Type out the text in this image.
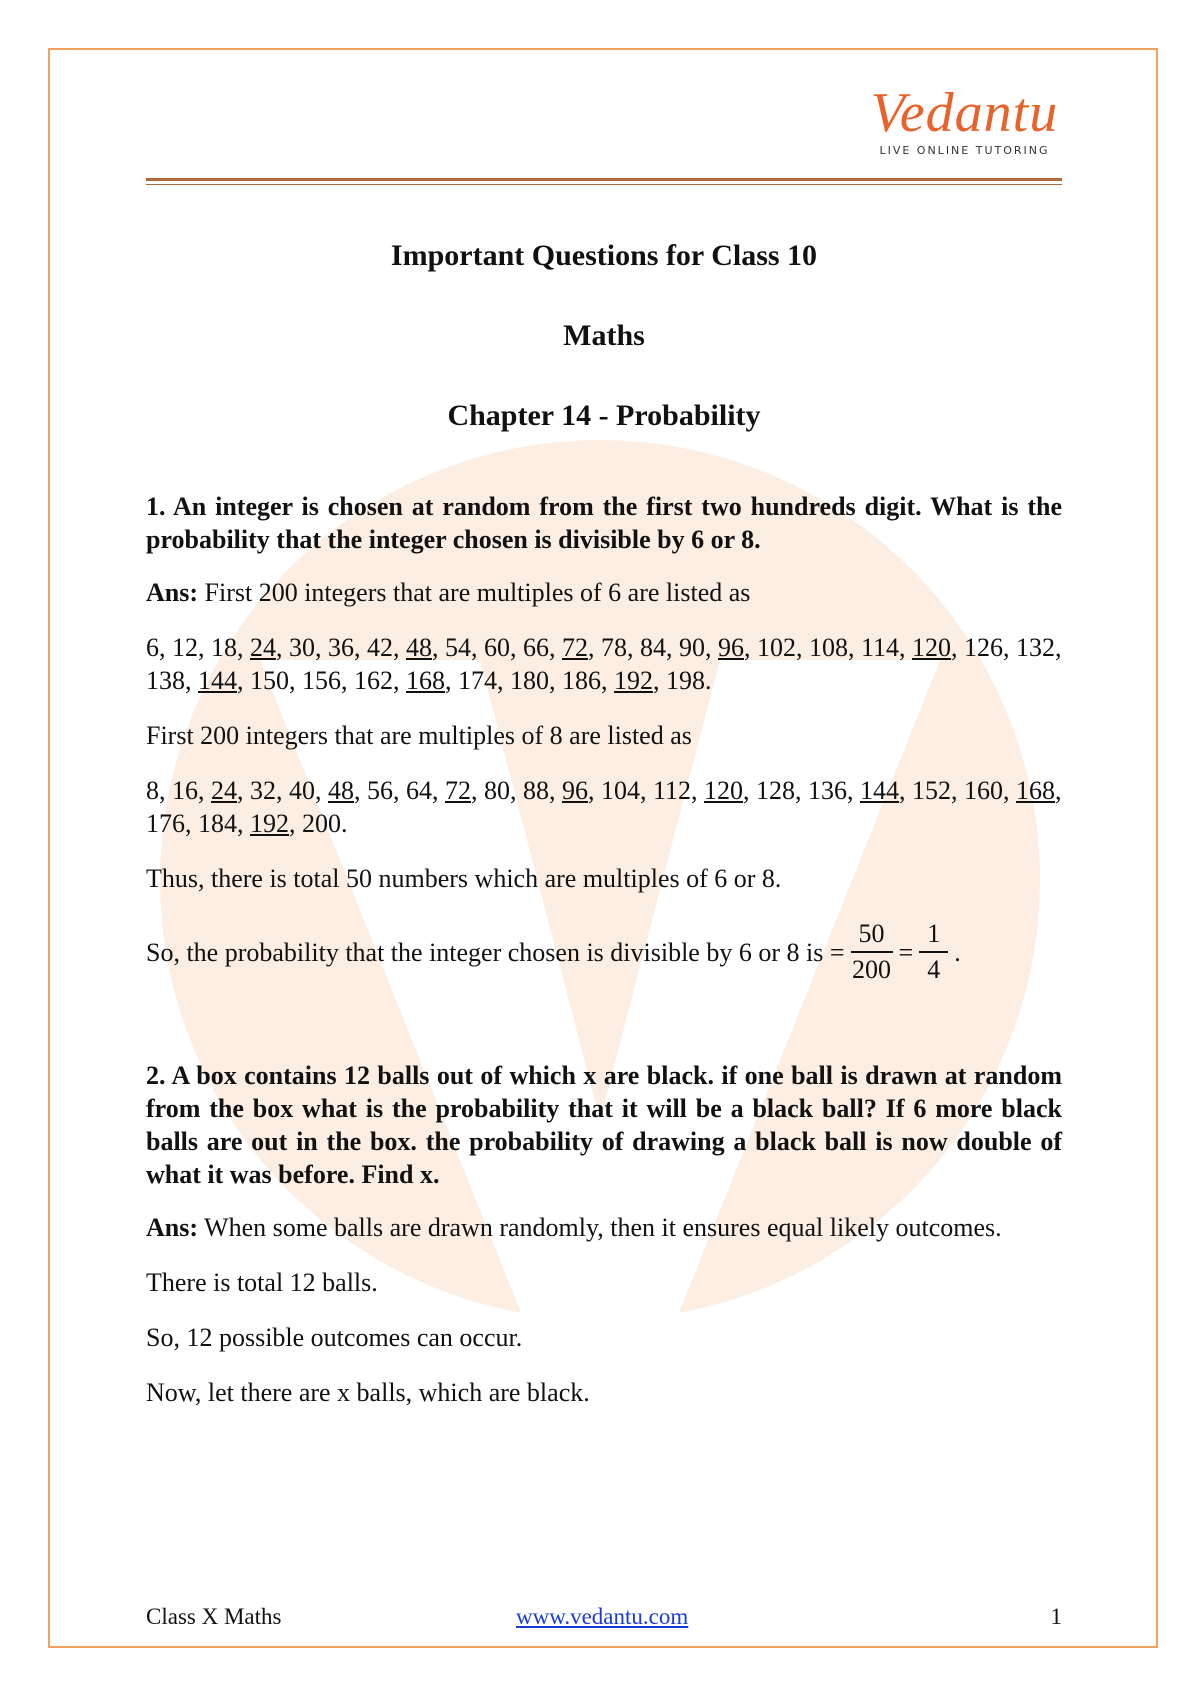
Vedantu
LIVE ONLINE TUTORING
Important Questions for Class 10
Maths
Chapter 14 - Probability

1. An integer is chosen at random from the first two hundreds digit. What is the probability that the integer chosen is divisible by 6 or 8.

Ans: First 200 integers that are multiples of 6 are listed as

6, 12, 18, 24, 30, 36, 42, 48, 54, 60, 66, 72, 78, 84, 90, 96, 102, 108, 114, 120, 126, 132, 138, 144, 150, 156, 162, 168, 174, 180, 186, 192, 198.

First 200 integers that are multiples of 8 are listed as

8, 16, 24, 32, 40, 48, 56, 64, 72, 80, 88, 96, 104, 112, 120, 128, 136, 144, 152, 160, 168, 176, 184, 192, 200.

Thus, there is total 50 numbers which are multiples of 6 or 8.

So, the probability that the integer chosen is divisible by 6 or 8 is = $\frac{50}{200} = \frac{1}{4}$ .

2. A box contains 12 balls out of which x are black. if one ball is drawn at random from the box what is the probability that it will be a black ball? If 6 more black balls are out in the box. the probability of drawing a black ball is now double of what it was before. Find x.

Ans: When some balls are drawn randomly, then it ensures equal likely outcomes.

There is total 12 balls.

So, 12 possible outcomes can occur.

Now, let there are x balls, which are black.

Class X Maths	www.vedantu.com	1
